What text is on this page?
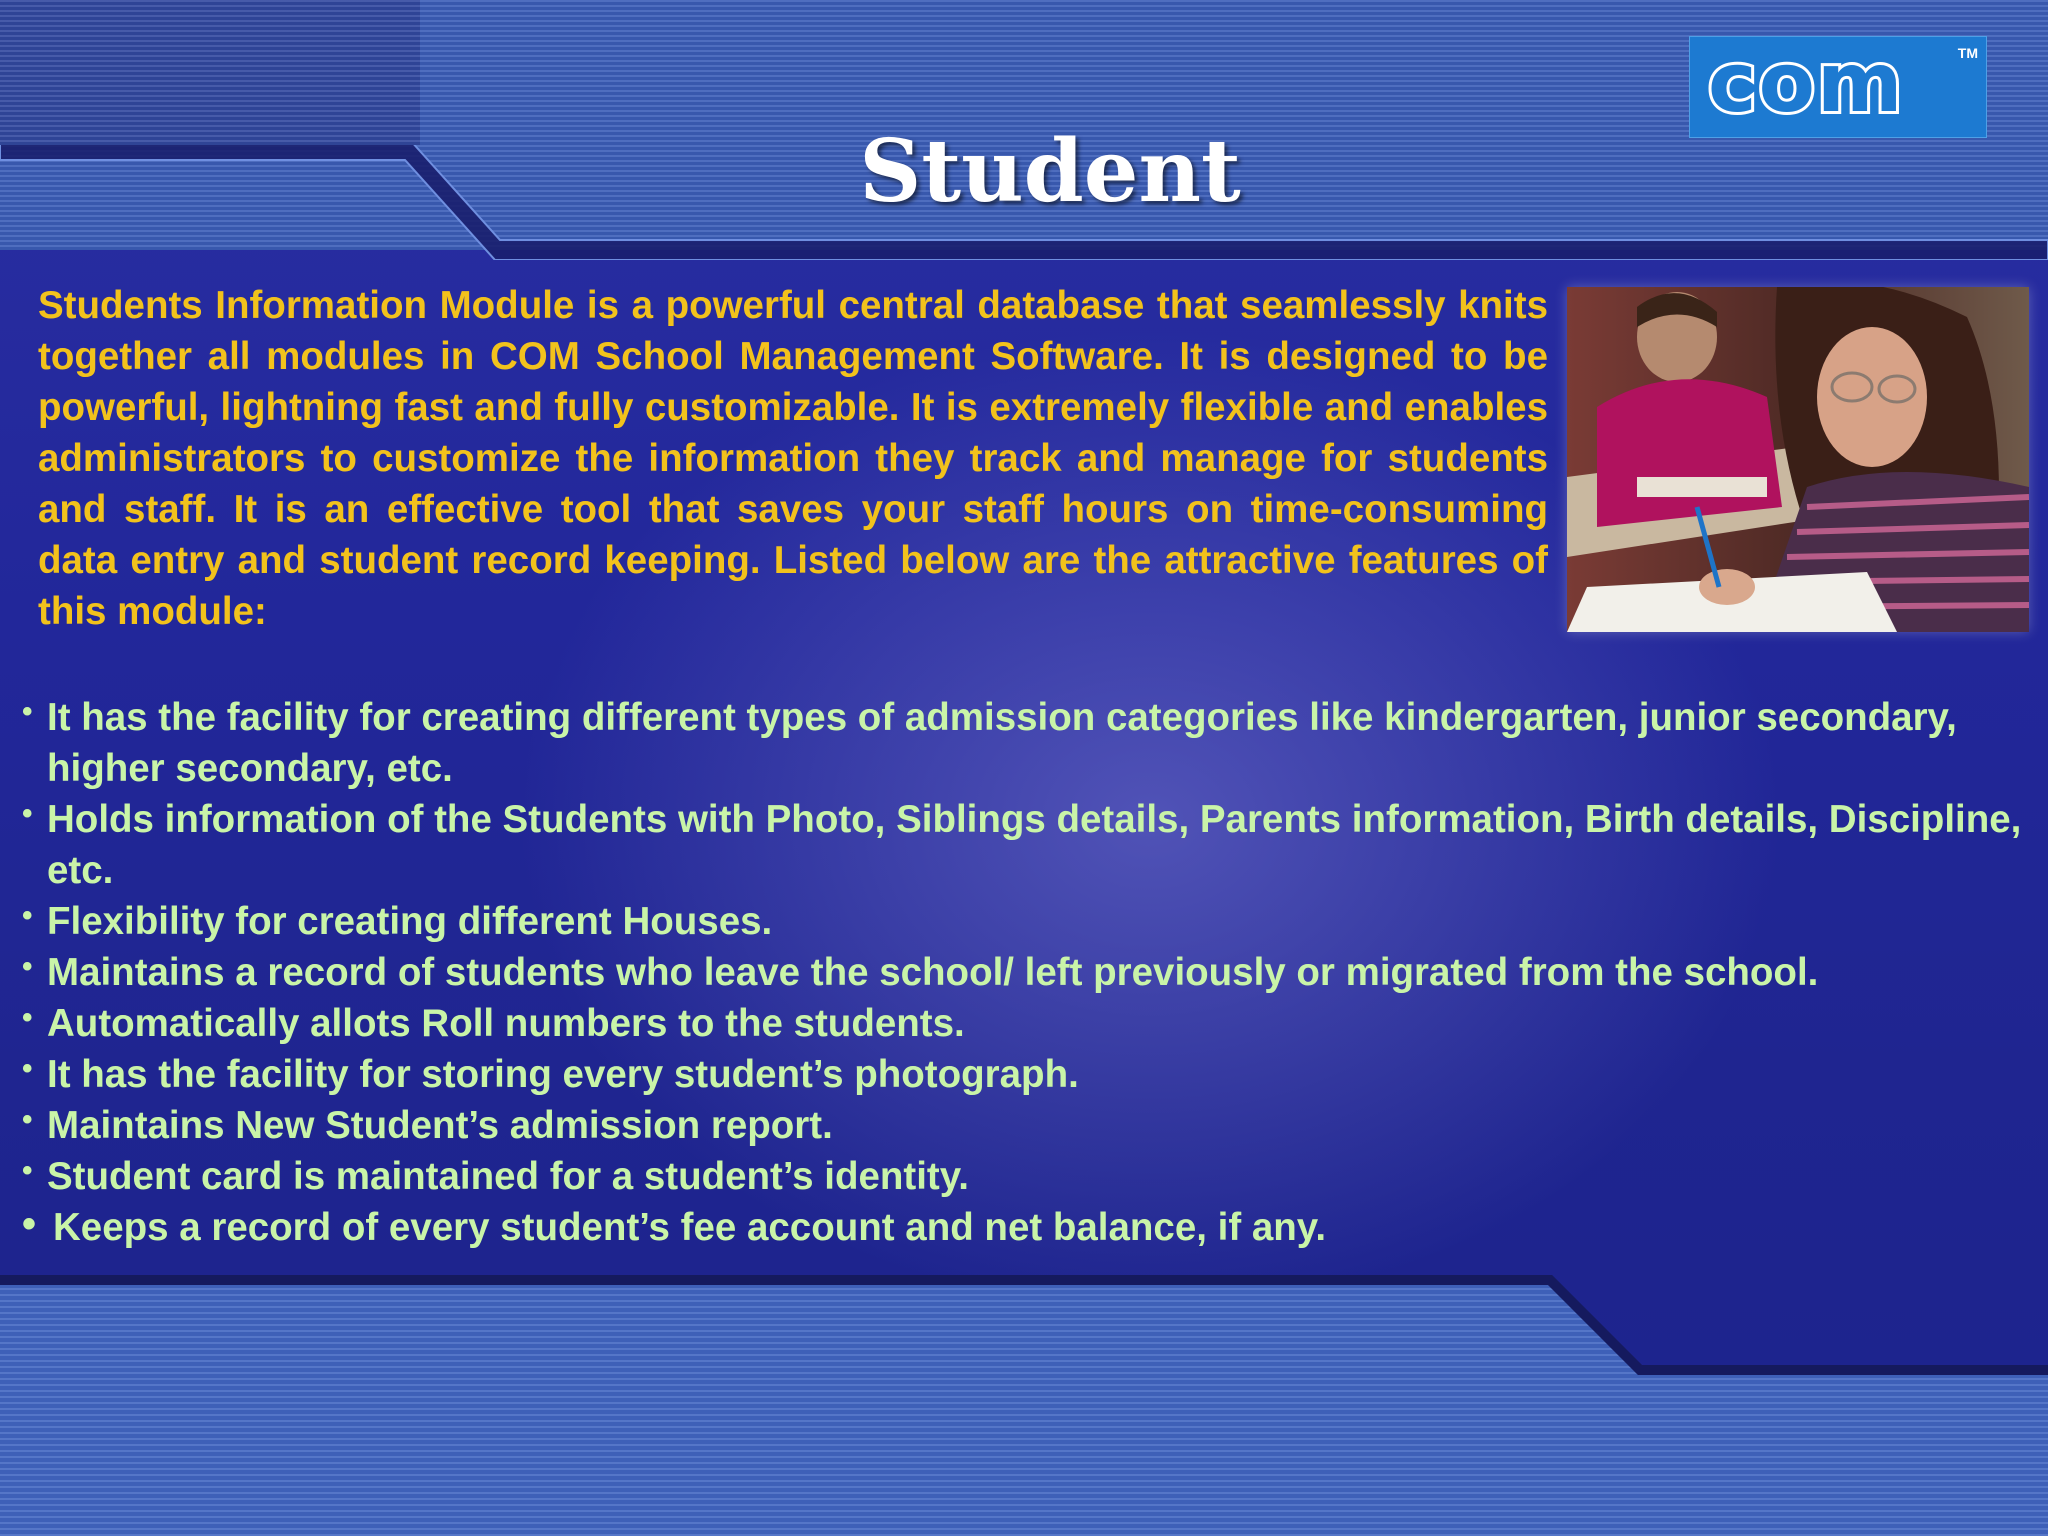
com	TM
Student

Students Information Module is a powerful central database that seamlessly knits together all modules in COM School Management Software. It is designed to be powerful, lightning fast and fully customizable. It is extremely flexible and enables administrators to customize the information they track and manage for students and staff. It is an effective tool that saves your staff hours on time-consuming data entry and student record keeping. Listed below are the attractive features of this module:

• It has the facility for creating different types of admission categories like kindergarten, junior secondary, higher secondary, etc.
• Holds information of the Students with Photo, Siblings details, Parents information, Birth details, Discipline, etc.
• Flexibility for creating different Houses.
• Maintains a record of students who leave the school/ left previously or migrated from the school.
• Automatically allots Roll numbers to the students.
• It has the facility for storing every student’s photograph.
• Maintains New Student’s admission report.
• Student card is maintained for a student’s identity.
• Keeps a record of every student’s fee account and net balance, if any.
